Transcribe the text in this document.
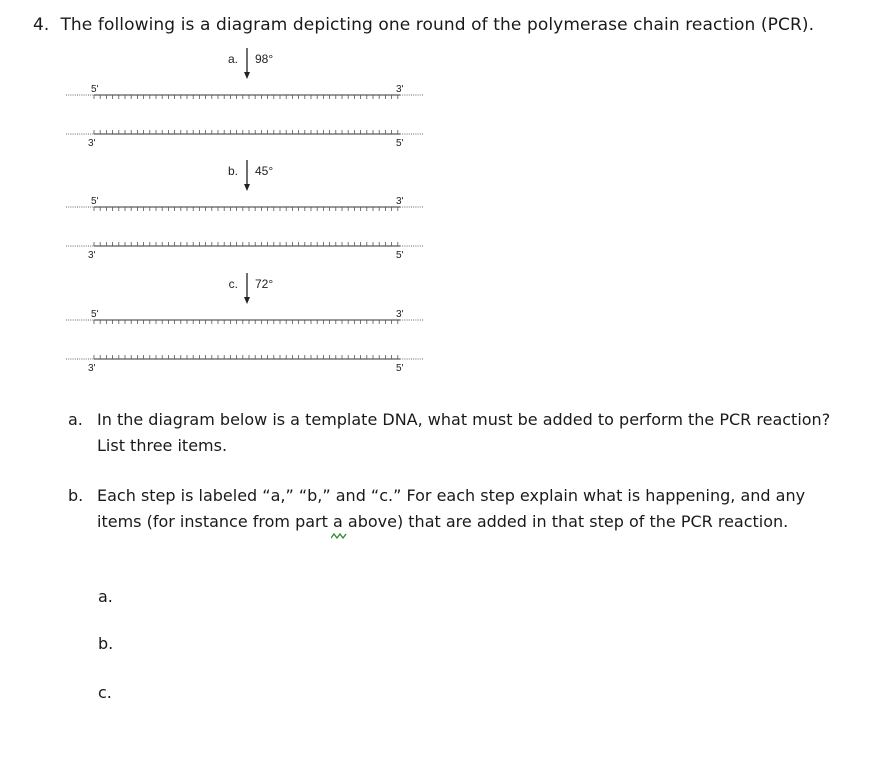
4. The following is a diagram depicting one round of the polymerase chain reaction (PCR).
a. 98°
5'	3'
3'	5'
b. 45°
5'	3'
3'	5'
c. 72°
5'	3'
3'	5'
a. In the diagram below is a template DNA, what must be added to perform the PCR reaction? List three items.
b. Each step is labeled “a,” “b,” and “c.” For each step explain what is happening, and any items (for instance from part a
above) that are added in that step of the PCR reaction.
a.
b.
c.
